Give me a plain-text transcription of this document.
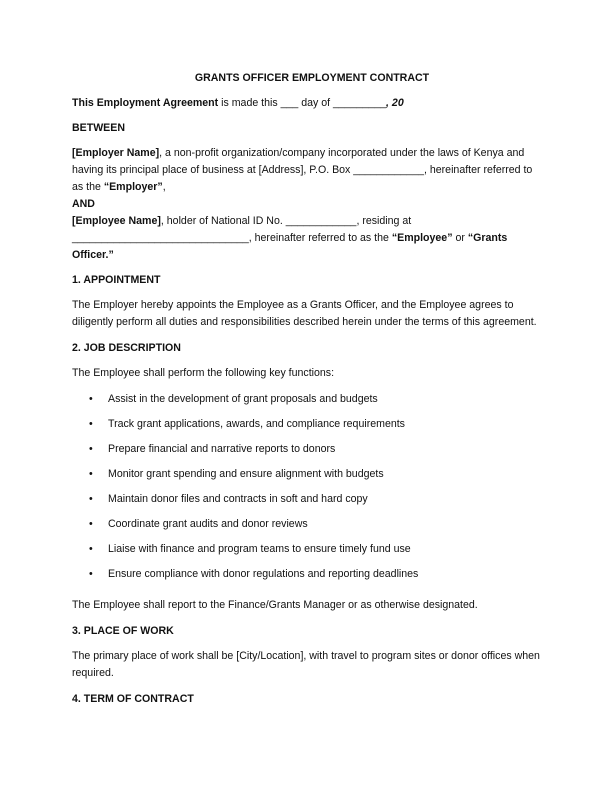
GRANTS OFFICER EMPLOYMENT CONTRACT

This Employment Agreement is made this ___ day of _________, 20

BETWEEN

[Employer Name], a non-profit organization/company incorporated under the laws of Kenya and having its principal place of business at [Address], P.O. Box ____________, hereinafter referred to as the “Employer”,

AND

[Employee Name], holder of National ID No. ____________, residing at ______________________________, hereinafter referred to as the “Employee” or “Grants Officer.”

1. APPOINTMENT

The Employer hereby appoints the Employee as a Grants Officer, and the Employee agrees to diligently perform all duties and responsibilities described herein under the terms of this agreement.

2. JOB DESCRIPTION

The Employee shall perform the following key functions:

• Assist in the development of grant proposals and budgets
• Track grant applications, awards, and compliance requirements
• Prepare financial and narrative reports to donors
• Monitor grant spending and ensure alignment with budgets
• Maintain donor files and contracts in soft and hard copy
• Coordinate grant audits and donor reviews
• Liaise with finance and program teams to ensure timely fund use
• Ensure compliance with donor regulations and reporting deadlines

The Employee shall report to the Finance/Grants Manager or as otherwise designated.

3. PLACE OF WORK

The primary place of work shall be [City/Location], with travel to program sites or donor offices when required.

4. TERM OF CONTRACT
